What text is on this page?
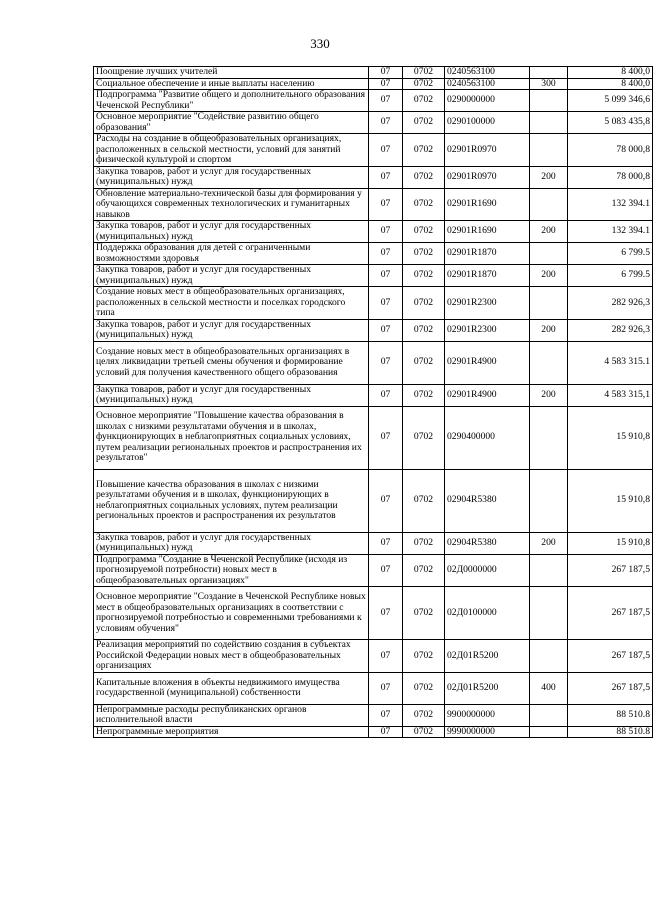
330
Поощрение лучших учителей	07	0702	0240563100		8 400,0
Социальное обеспечение и иные выплаты населению	07	0702	0240563100	300	8 400,0
Подпрограмма "Развитие общего и дополнительного образования Чеченской Республики"	07	0702	0290000000		5 099 346,6
Основное мероприятие "Содействие развитию общего образования"	07	0702	0290100000		5 083 435,8
Расходы на создание в общеобразовательных организациях, расположенных в сельской местности, условий для занятий физической культурой и спортом	07	0702	02901R0970		78 000,8
Закупка товаров, работ и услуг для государственных (муниципальных) нужд	07	0702	02901R0970	200	78 000,8
Обновление материально-технической базы для формирования у обучающихся современных технологических и гуманитарных навыков	07	0702	02901R1690		132 394.1
Закупка товаров, работ и услуг для государственных (муниципальных) нужд	07	0702	02901R1690	200	132 394.1
Поддержка образования для детей с ограниченными возможностями здоровья	07	0702	02901R1870		6 799.5
Закупка товаров, работ и услуг для государственных (муниципальных) нужд	07	0702	02901R1870	200	6 799.5
Создание новых мест в общеобразовательных организациях, расположенных в сельской местности и поселках городского типа	07	0702	02901R2300		282 926,3
Закупка товаров, работ и услуг для государственных (муниципальных) нужд	07	0702	02901R2300	200	282 926,3
Создание новых мест в общеобразовательных организациях в целях ликвидации третьей смены обучения и формирование условий для получения качественного общего образования	07	0702	02901R4900		4 583 315.1
Закупка товаров, работ и услуг для государственных (муниципальных) нужд	07	0702	02901R4900	200	4 583 315,1
Основное мероприятие "Повышение качества образования в школах с низкими результатами обучения и в школах, функционирующих в неблагоприятных социальных условиях, путем реализации региональных проектов и распространения их результатов"	07	0702	0290400000		15 910,8
Повышение качества образования в школах с низкими результатами обучения и в школах, функционирующих в неблагоприятных социальных условиях, путем реализации региональных проектов и распространения их результатов	07	0702	02904R5380		15 910,8
Закупка товаров, работ и услуг для государственных (муниципальных) нужд	07	0702	02904R5380	200	15 910,8
Подпрограмма "Создание в Чеченской Республике (исходя из прогнозируемой потребности) новых мест в общеобразовательных организациях"	07	0702	02Д0000000		267 187,5
Основное мероприятие "Создание в Чеченской Республике новых мест в общеобразовательных организациях в соответствии с прогнозируемой потребностью и современными требованиями к условиям обучения"	07	0702	02Д0100000		267 187,5
Реализация мероприятий по содействию создания в субъектах Российской Федерации новых мест в общеобразовательных организациях	07	0702	02Д01R5200		267 187,5
Капитальные вложения в объекты недвижимого имущества государственной (муниципальной) собственности	07	0702	02Д01R5200	400	267 187,5
Непрограммные расходы республиканских органов исполнительной власти	07	0702	9900000000		88 510.8
Непрограммные мероприятия	07	0702	9990000000		88 510.8
